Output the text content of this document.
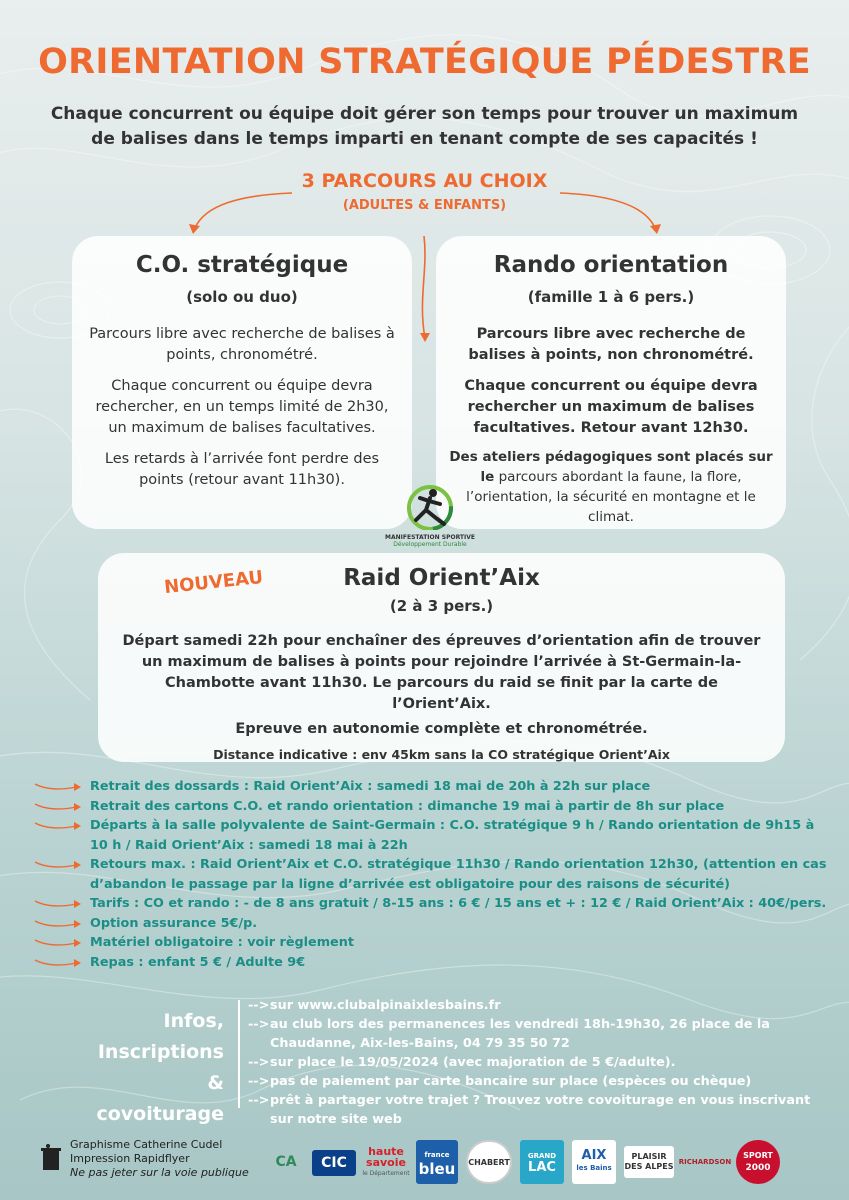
ORIENTATION STRATÉGIQUE PÉDESTRE
Chaque concurrent ou équipe doit gérer son temps pour trouver un maximum de balises dans le temps imparti en tenant compte de ses capacités !
3 PARCOURS AU CHOIX
(ADULTES & ENFANTS)
C.O. stratégique
(solo ou duo)

Parcours libre avec recherche de balises à points, chronométré.

Chaque concurrent ou équipe devra rechercher, en un temps limité de 2h30, un maximum de balises facultatives.

Les retards à l’arrivée font perdre des points (retour avant 11h30).

Rando orientation
(famille 1 à 6 pers.)

Parcours libre avec recherche de balises à points, non chronométré.

Chaque concurrent ou équipe devra rechercher un maximum de balises facultatives. Retour avant 12h30.

Des ateliers pédagogiques sont placés sur le parcours abordant la faune, la flore, l’orientation, la sécurité en montagne et le climat.

MANIFESTATION SPORTIVE
Développement Durable
Raid Orient’Aix
(2 à 3 pers.)

Départ samedi 22h pour enchaîner des épreuves d’orientation afin de trouver un maximum de balises à points pour rejoindre l’arrivée à St-Germain-la-Chambotte avant 11h30. Le parcours du raid se finit par la carte de l’Orient’Aix.

Epreuve en autonomie complète et chronométrée.

Distance indicative : env 45km sans la CO stratégique Orient’Aix

NOUVEAU
Retrait des dossards : Raid Orient’Aix : samedi 18 mai de 20h à 22h sur place
Retrait des cartons C.O. et rando orientation : dimanche 19 mai à partir de 8h sur place
Départs à la salle polyvalente de Saint-Germain : C.O. stratégique 9 h / Rando orientation de 9h15 à 10 h / Raid Orient’Aix : samedi 18 mai à 22h
Retours max. : Raid Orient’Aix et C.O. stratégique 11h30 / Rando orientation 12h30, (attention en cas d’abandon le passage par la ligne d’arrivée est obligatoire pour des raisons de sécurité)
Tarifs : CO et rando : - de 8 ans gratuit / 8-15 ans : 6 € / 15 ans et + : 12 € / Raid Orient’Aix : 40€/pers.
Option assurance 5€/p.
Matériel obligatoire : voir règlement
Repas : enfant 5 € / Adulte 9€
Infos,
Inscriptions
& covoiturage
--> sur www.clubalpinaixlesbains.fr
--> au club lors des permanences les vendredi 18h-19h30, 26 place de la Chaudanne, Aix-les-Bains, 04 79 35 50 72
--> sur place le 19/05/2024 (avec majoration de 5 €/adulte).
--> pas de paiement par carte bancaire sur place (espèces ou chèque)
--> prêt à partager votre trajet ? Trouvez votre covoiturage en vous inscrivant sur notre site web
Graphisme Catherine Cudel
Impression Rapidflyer
Ne pas jeter sur la voie publique
CA	CIC
haute
savoie
le Département
france
bleu CHABERT
GRAND
LAC
AIX
les Bains
PLAISIR
DES ALPES RICHARDSON
SPORT
2000
